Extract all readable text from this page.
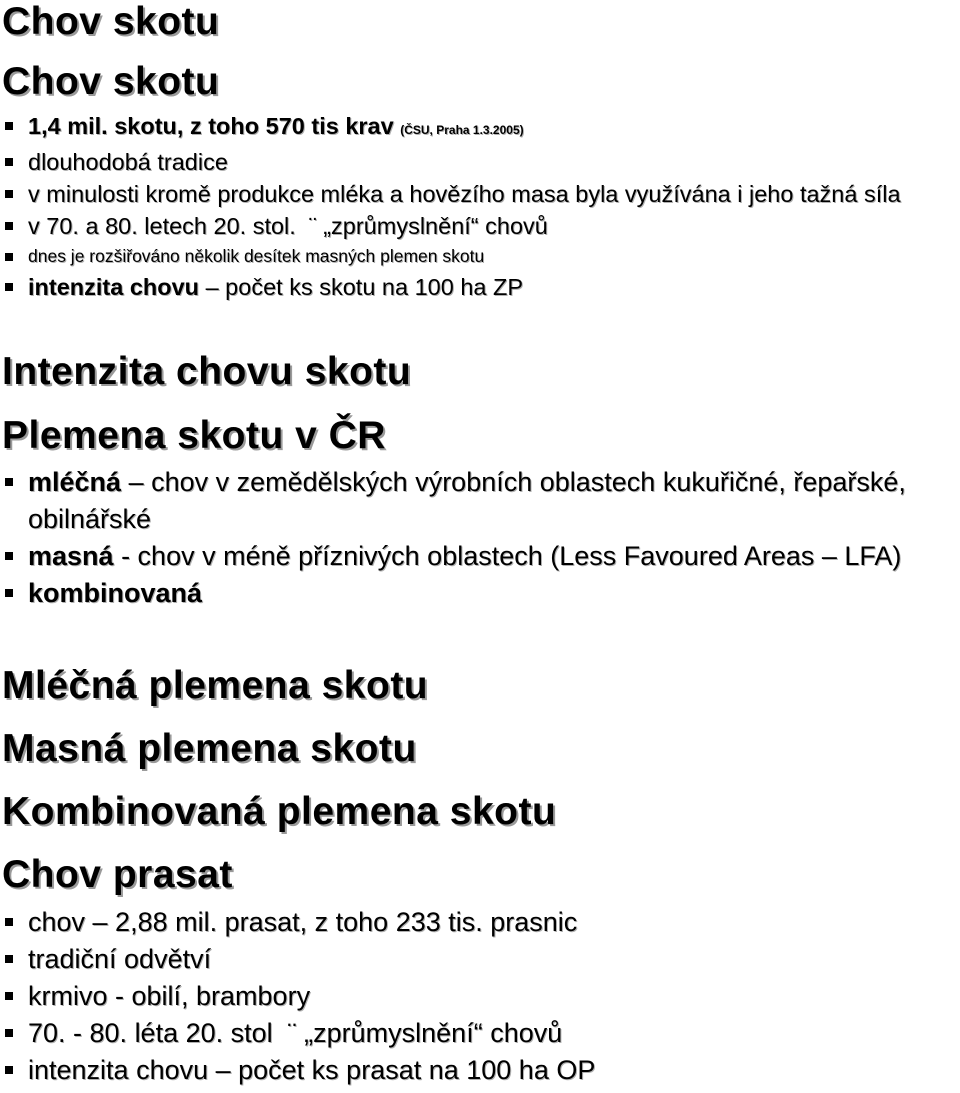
Chov skotu
Chov skotu
1,4 mil. skotu, z toho 570 tis krav (ČSU, Praha 1.3.2005)
dlouhodobá tradice
v minulosti kromě produkce mléka a hovězího masa byla využívána i jeho tažná síla
v 70. a 80. letech 20. stol.  ¨ „zprůmyslnění“ chovů
dnes je rozšiřováno několik desítek masných plemen skotu
intenzita chovu – počet ks skotu na 100 ha ZP
Intenzita chovu skotu
Plemena skotu v ČR
mléčná – chov v zemědělských výrobních oblastech kukuřičné, řepařské, obilnářské
masná - chov v méně příznivých oblastech (Less Favoured Areas – LFA)
kombinovaná
Mléčná plemena skotu
Masná plemena skotu
Kombinovaná plemena skotu
Chov prasat
chov – 2,88 mil. prasat, z toho 233 tis. prasnic
tradiční odvětví
krmivo - obilí, brambory
70. - 80. léta 20. stol  ¨ „zprůmyslnění“ chovů
intenzita chovu – počet ks prasat na 100 ha OP
